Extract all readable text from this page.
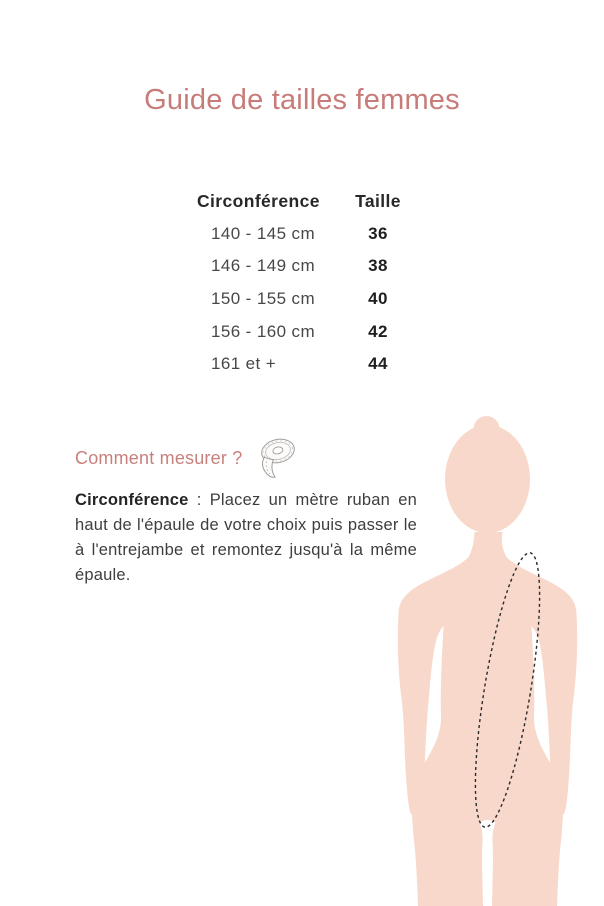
Guide de tailles femmes
Circonférence	Taille
140 - 145 cm	36
146 - 149 cm	38
150 - 155 cm	40
156 - 160 cm	42
161 et +	44
Comment mesurer ?
Circonférence : Placez un mètre ruban en haut de l'épaule de votre choix puis passer le à l'entrejambe et remontez jusqu'à la même épaule.
